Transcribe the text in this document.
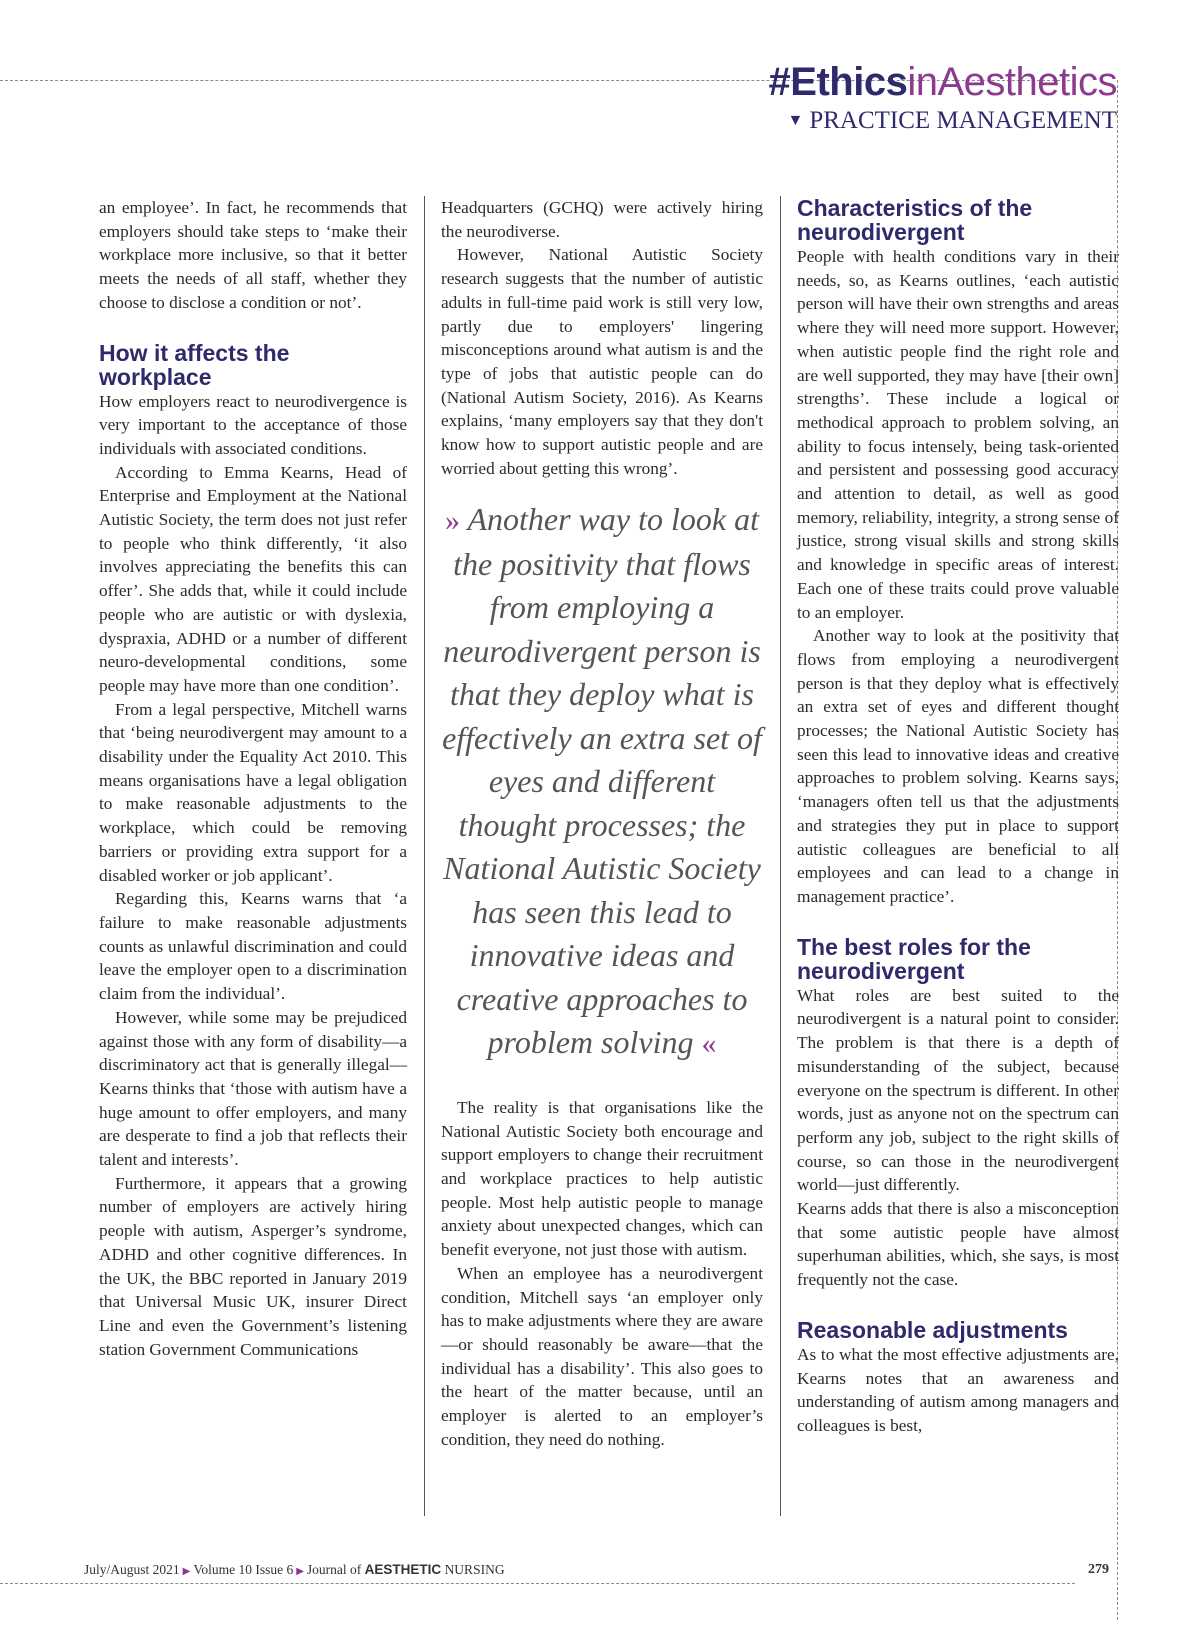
#EthicsinAesthetics
▼ PRACTICE MANAGEMENT

an employee’. In fact, he recommends that employers should take steps to ‘make their workplace more inclusive, so that it better meets the needs of all staff, whether they choose to disclose a condition or not’.

How it affects the workplace

How employers react to neurodivergence is very important to the acceptance of those individuals with associated conditions.

According to Emma Kearns, Head of Enterprise and Employment at the National Autistic Society, the term does not just refer to people who think differently, ‘it also involves appreciating the benefits this can offer’. She adds that, while it could include people who are autistic or with dyslexia, dyspraxia, ADHD or a number of different neuro-developmental conditions, some people may have more than one condition’.

From a legal perspective, Mitchell warns that ‘being neurodivergent may amount to a disability under the Equality Act 2010. This means organisations have a legal obligation to make reasonable adjustments to the workplace, which could be removing barriers or providing extra support for a disabled worker or job applicant’.

Regarding this, Kearns warns that ‘a failure to make reasonable adjustments counts as unlawful discrimination and could leave the employer open to a discrimination claim from the individual’.

However, while some may be prejudiced against those with any form of disability—a discriminatory act that is generally illegal—Kearns thinks that ‘those with autism have a huge amount to offer employers, and many are desperate to find a job that reflects their talent and interests’.

Furthermore, it appears that a growing number of employers are actively hiring people with autism, Asperger’s syndrome, ADHD and other cognitive differences. In the UK, the BBC reported in January 2019 that Universal Music UK, insurer Direct Line and even the Government’s listening station Government Communications

Headquarters (GCHQ) were actively hiring the neurodiverse.

However, National Autistic Society research suggests that the number of autistic adults in full-time paid work is still very low, partly due to employers' lingering misconceptions around what autism is and the type of jobs that autistic people can do (National Autism Society, 2016). As Kearns explains, ‘many employers say that they don't know how to support autistic people and are worried about getting this wrong’.

» Another way to look at the positivity that flows from employing a neurodivergent person is that they deploy what is effectively an extra set of eyes and different thought processes; the National Autistic Society has seen this lead to innovative ideas and creative approaches to problem solving «

The reality is that organisations like the National Autistic Society both encourage and support employers to change their recruitment and workplace practices to help autistic people. Most help autistic people to manage anxiety about unexpected changes, which can benefit everyone, not just those with autism.

When an employee has a neurodivergent condition, Mitchell says ‘an employer only has to make adjustments where they are aware—or should reasonably be aware—that the individual has a disability’. This also goes to the heart of the matter because, until an employer is alerted to an employer’s condition, they need do nothing.

Characteristics of the neurodivergent

People with health conditions vary in their needs, so, as Kearns outlines, ‘each autistic person will have their own strengths and areas where they will need more support. However, when autistic people find the right role and are well supported, they may have [their own] strengths’. These include a logical or methodical approach to problem solving, an ability to focus intensely, being task-oriented and persistent and possessing good accuracy and attention to detail, as well as good memory, reliability, integrity, a strong sense of justice, strong visual skills and strong skills and knowledge in specific areas of interest. Each one of these traits could prove valuable to an employer.

Another way to look at the positivity that flows from employing a neurodivergent person is that they deploy what is effectively an extra set of eyes and different thought processes; the National Autistic Society has seen this lead to innovative ideas and creative approaches to problem solving. Kearns says, ‘managers often tell us that the adjustments and strategies they put in place to support autistic colleagues are beneficial to all employees and can lead to a change in management practice’.

The best roles for the neurodivergent

What roles are best suited to the neurodivergent is a natural point to consider. The problem is that there is a depth of misunderstanding of the subject, because everyone on the spectrum is different. In other words, just as anyone not on the spectrum can perform any job, subject to the right skills of course, so can those in the neurodivergent world—just differently.

Kearns adds that there is also a misconception that some autistic people have almost superhuman abilities, which, she says, is most frequently not the case.

Reasonable adjustments

As to what the most effective adjustments are, Kearns notes that an awareness and understanding of autism among managers and colleagues is best,

July/August 2021 ▶ Volume 10 Issue 6 ▶ Journal of AESTHETIC NURSING	279
